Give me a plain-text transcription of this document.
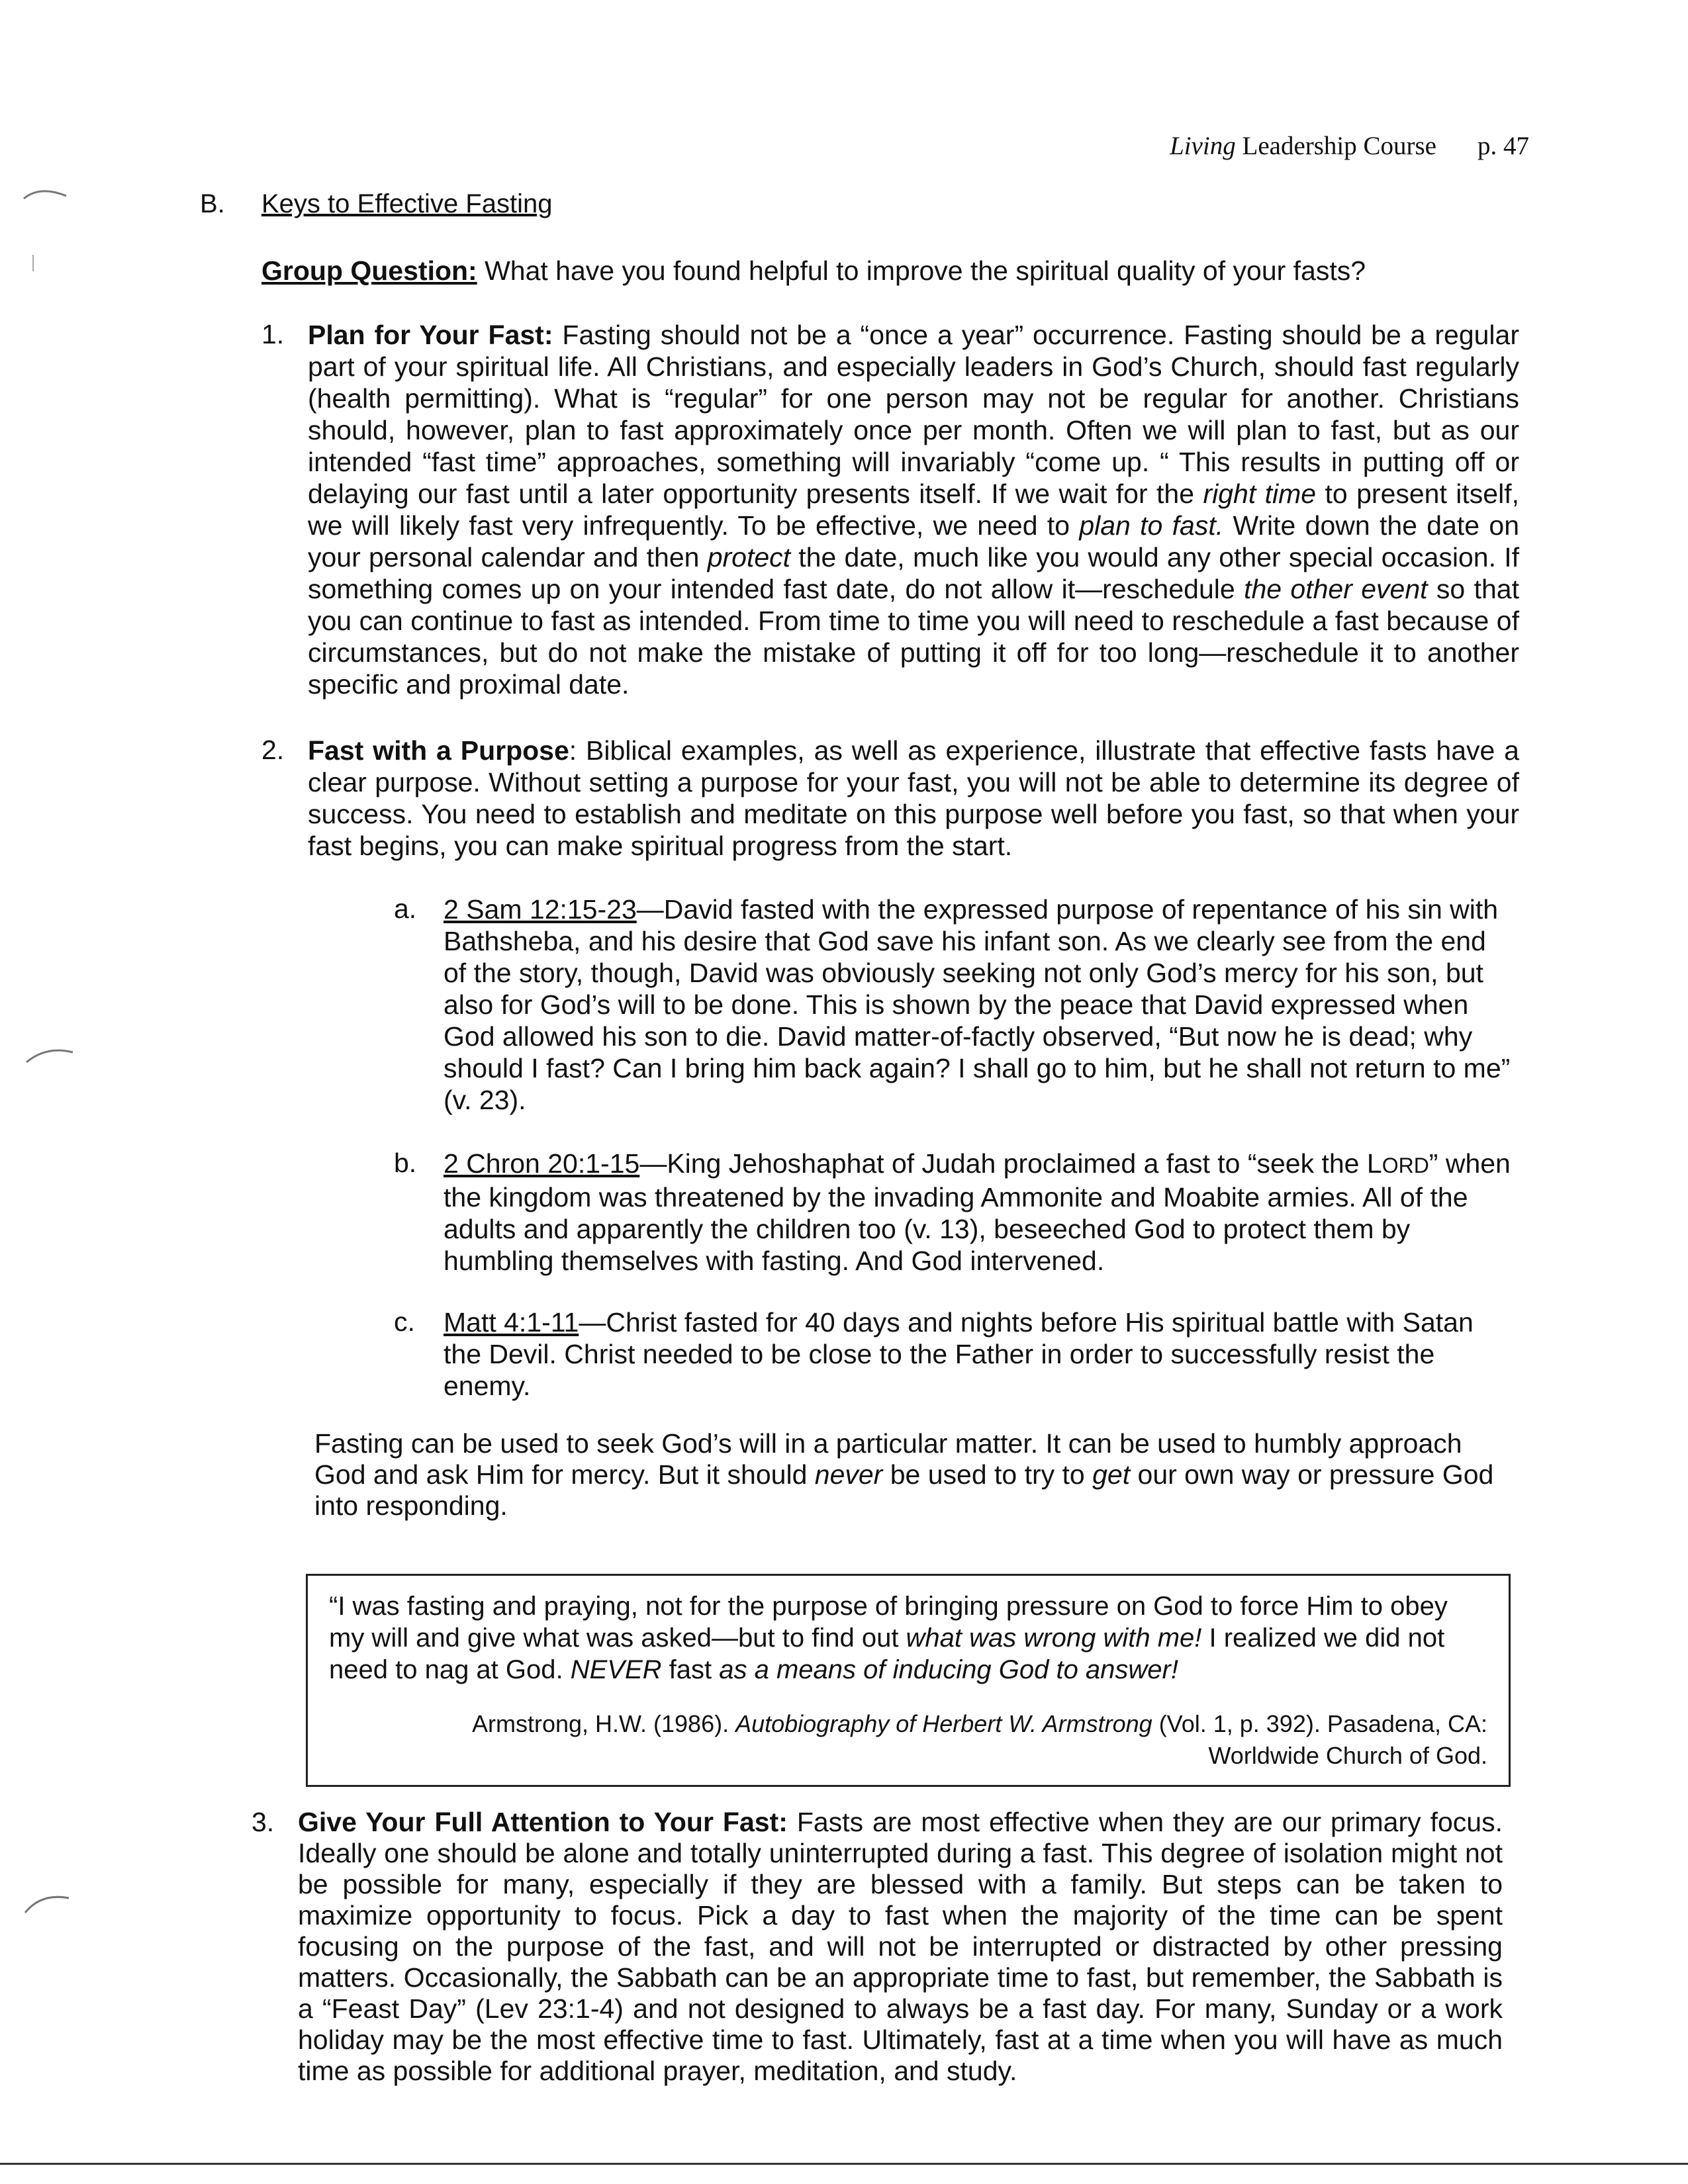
Living Leadership Course p. 47
B. Keys to Effective Fasting
Group Question: What have you found helpful to improve the spiritual quality of your fasts?
1. Plan for Your Fast: Fasting should not be a “once a year” occurrence. Fasting should be a regular part of your spiritual life. All Christians, and especially leaders in God’s Church, should fast regularly (health permitting). What is “regular” for one person may not be regular for another. Christians should, however, plan to fast approximately once per month. Often we will plan to fast, but as our intended “fast time” approaches, something will invariably “come up. “ This results in putting off or delaying our fast until a later opportunity presents itself. If we wait for the right time to present itself, we will likely fast very infrequently. To be effective, we need to plan to fast. Write down the date on your personal calendar and then protect the date, much like you would any other special occasion. If something comes up on your intended fast date, do not allow it—reschedule the other event so that you can continue to fast as intended. From time to time you will need to reschedule a fast because of circumstances, but do not make the mistake of putting it off for too long—reschedule it to another specific and proximal date.
2. Fast with a Purpose: Biblical examples, as well as experience, illustrate that effective fasts have a clear purpose. Without setting a purpose for your fast, you will not be able to determine its degree of success. You need to establish and meditate on this purpose well before you fast, so that when your fast begins, you can make spiritual progress from the start.
a. 2 Sam 12:15-23—David fasted with the expressed purpose of repentance of his sin with Bathsheba, and his desire that God save his infant son. As we clearly see from the end of the story, though, David was obviously seeking not only God’s mercy for his son, but also for God’s will to be done. This is shown by the peace that David expressed when God allowed his son to die. David matter-of-factly observed, “But now he is dead; why should I fast? Can I bring him back again? I shall go to him, but he shall not return to me” (v. 23).
b. 2 Chron 20:1-15—King Jehoshaphat of Judah proclaimed a fast to “seek the LORD” when the kingdom was threatened by the invading Ammonite and Moabite armies. All of the adults and apparently the children too (v. 13), beseeched God to protect them by humbling themselves with fasting. And God intervened.
c. Matt 4:1-11—Christ fasted for 40 days and nights before His spiritual battle with Satan the Devil. Christ needed to be close to the Father in order to successfully resist the enemy.
Fasting can be used to seek God’s will in a particular matter. It can be used to humbly approach God and ask Him for mercy. But it should never be used to try to get our own way or pressure God into responding.
“I was fasting and praying, not for the purpose of bringing pressure on God to force Him to obey my will and give what was asked—but to find out what was wrong with me! I realized we did not need to nag at God. NEVER fast as a means of inducing God to answer!
Armstrong, H.W. (1986). Autobiography of Herbert W. Armstrong (Vol. 1, p. 392). Pasadena, CA: Worldwide Church of God.
3. Give Your Full Attention to Your Fast: Fasts are most effective when they are our primary focus. Ideally one should be alone and totally uninterrupted during a fast. This degree of isolation might not be possible for many, especially if they are blessed with a family. But steps can be taken to maximize opportunity to focus. Pick a day to fast when the majority of the time can be spent focusing on the purpose of the fast, and will not be interrupted or distracted by other pressing matters. Occasionally, the Sabbath can be an appropriate time to fast, but remember, the Sabbath is a “Feast Day” (Lev 23:1-4) and not designed to always be a fast day. For many, Sunday or a work holiday may be the most effective time to fast. Ultimately, fast at a time when you will have as much time as possible for additional prayer, meditation, and study.
